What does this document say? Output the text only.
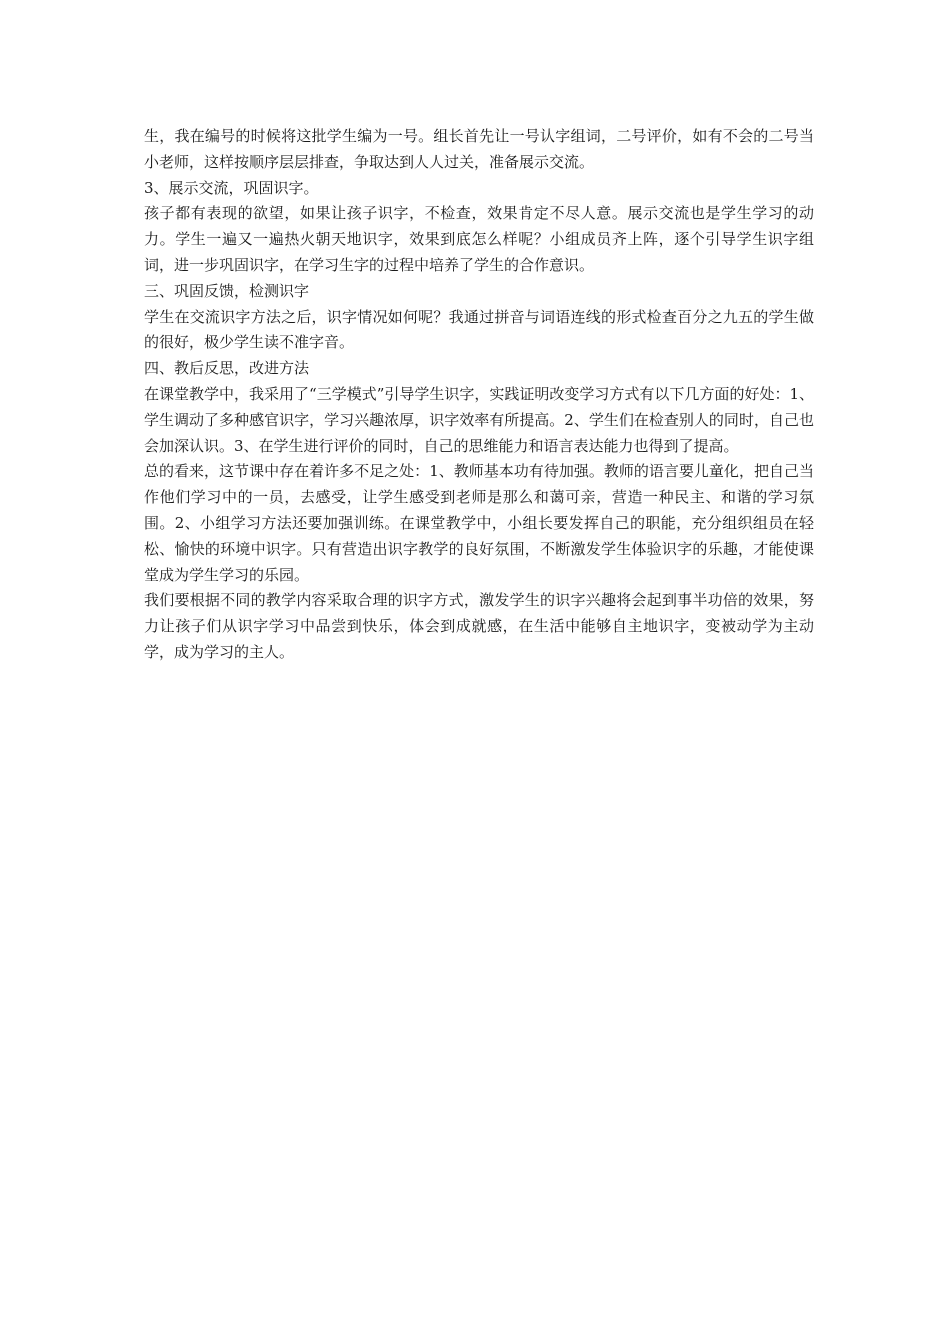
生，我在编号的时候将这批学生编为一号。组长首先让一号认字组词，二号评价，如有不会的二号当小老师，这样按顺序层层排查，争取达到人人过关，准备展示交流。

3、展示交流，巩固识字。

孩子都有表现的欲望，如果让孩子识字，不检查，效果肯定不尽人意。展示交流也是学生学习的动力。学生一遍又一遍热火朝天地识字，效果到底怎么样呢？小组成员齐上阵，逐个引导学生识字组词，进一步巩固识字，在学习生字的过程中培养了学生的合作意识。

三、巩固反馈，检测识字

学生在交流识字方法之后，识字情况如何呢？我通过拼音与词语连线的形式检查百分之九五的学生做的很好，极少学生读不准字音。

四、教后反思，改进方法

在课堂教学中，我采用了“三学模式”引导学生识字，实践证明改变学习方式有以下几方面的好处：1、学生调动了多种感官识字，学习兴趣浓厚，识字效率有所提高。2、学生们在检查别人的同时，自己也会加深认识。3、在学生进行评价的同时，自己的思维能力和语言表达能力也得到了提高。

总的看来，这节课中存在着许多不足之处：1、教师基本功有待加强。教师的语言要儿童化，把自己当作他们学习中的一员，去感受，让学生感受到老师是那么和蔼可亲，营造一种民主、和谐的学习氛围。2、小组学习方法还要加强训练。在课堂教学中，小组长要发挥自己的职能，充分组织组员在轻松、愉快的环境中识字。只有营造出识字教学的良好氛围，不断激发学生体验识字的乐趣，才能使课堂成为学生学习的乐园。

我们要根据不同的教学内容采取合理的识字方式，激发学生的识字兴趣将会起到事半功倍的效果，努力让孩子们从识字学习中品尝到快乐，体会到成就感，在生活中能够自主地识字，变被动学为主动学，成为学习的主人。
